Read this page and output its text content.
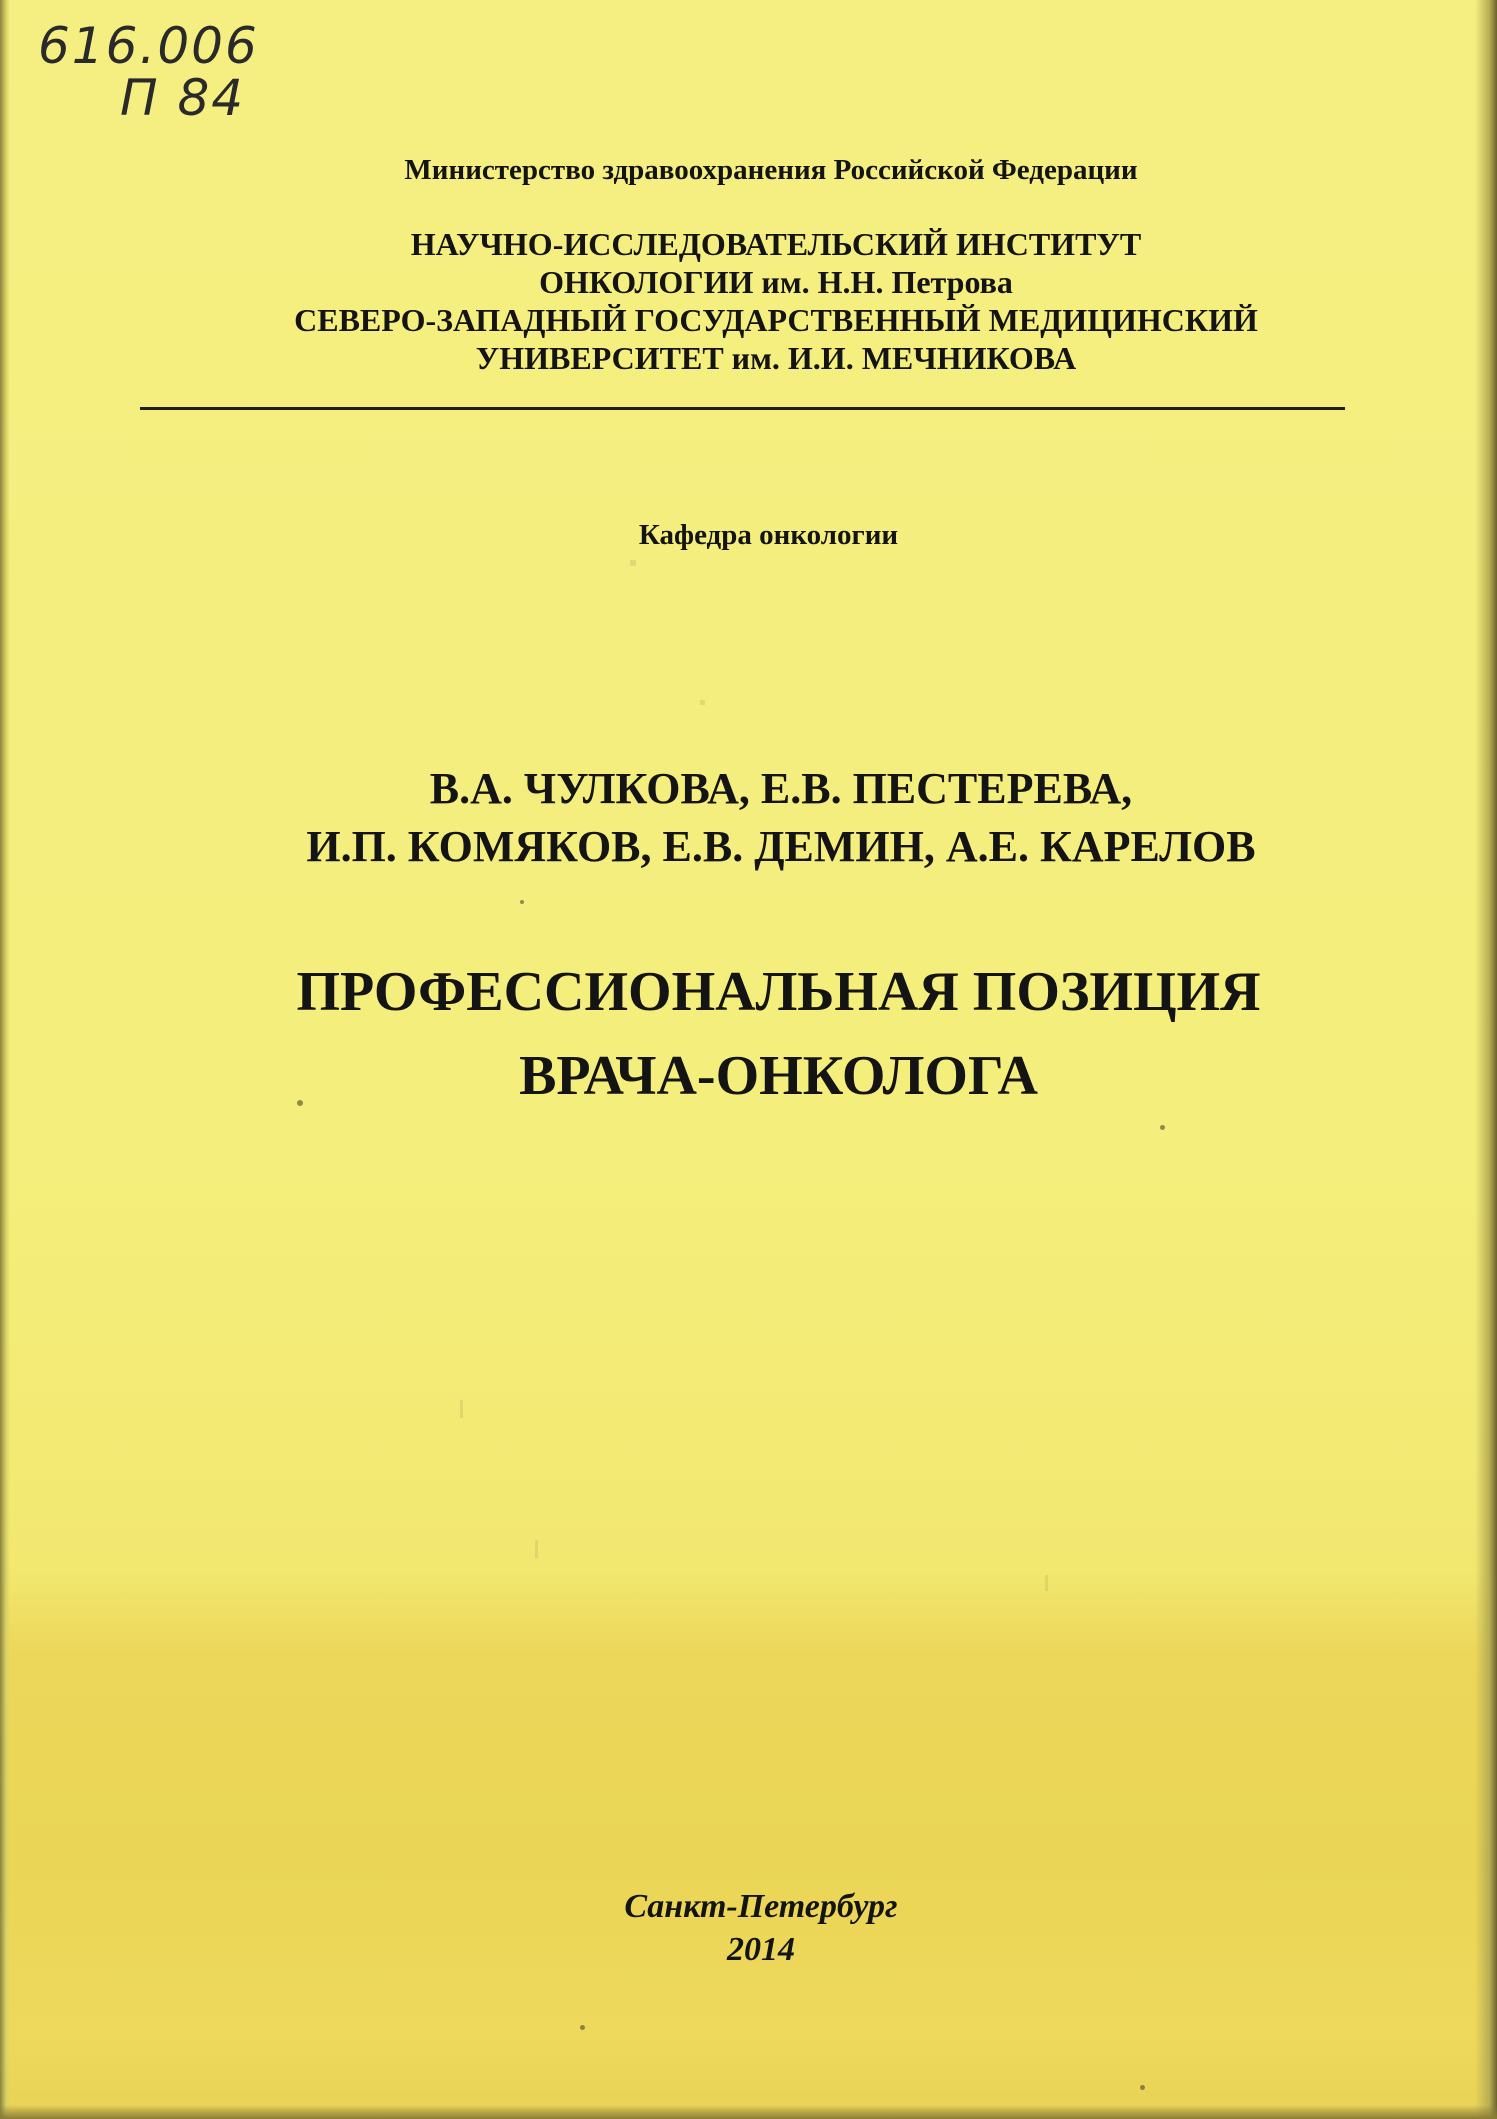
616.006
П 84
Министерство здравоохранения Российской Федерации
НАУЧНО-ИССЛЕДОВАТЕЛЬСКИЙ ИНСТИТУТ
ОНКОЛОГИИ им. Н.Н. Петрова
СЕВЕРО-ЗАПАДНЫЙ ГОСУДАРСТВЕННЫЙ МЕДИЦИНСКИЙ
УНИВЕРСИТЕТ им. И.И. МЕЧНИКОВА
Кафедра онкологии
В.А. ЧУЛКОВА, Е.В. ПЕСТЕРЕВА,
И.П. КОМЯКОВ, Е.В. ДЕМИН, А.Е. КАРЕЛОВ
ПРОФЕССИОНАЛЬНАЯ ПОЗИЦИЯ
ВРАЧА-ОНКОЛОГА
Санкт-Петербург
2014
